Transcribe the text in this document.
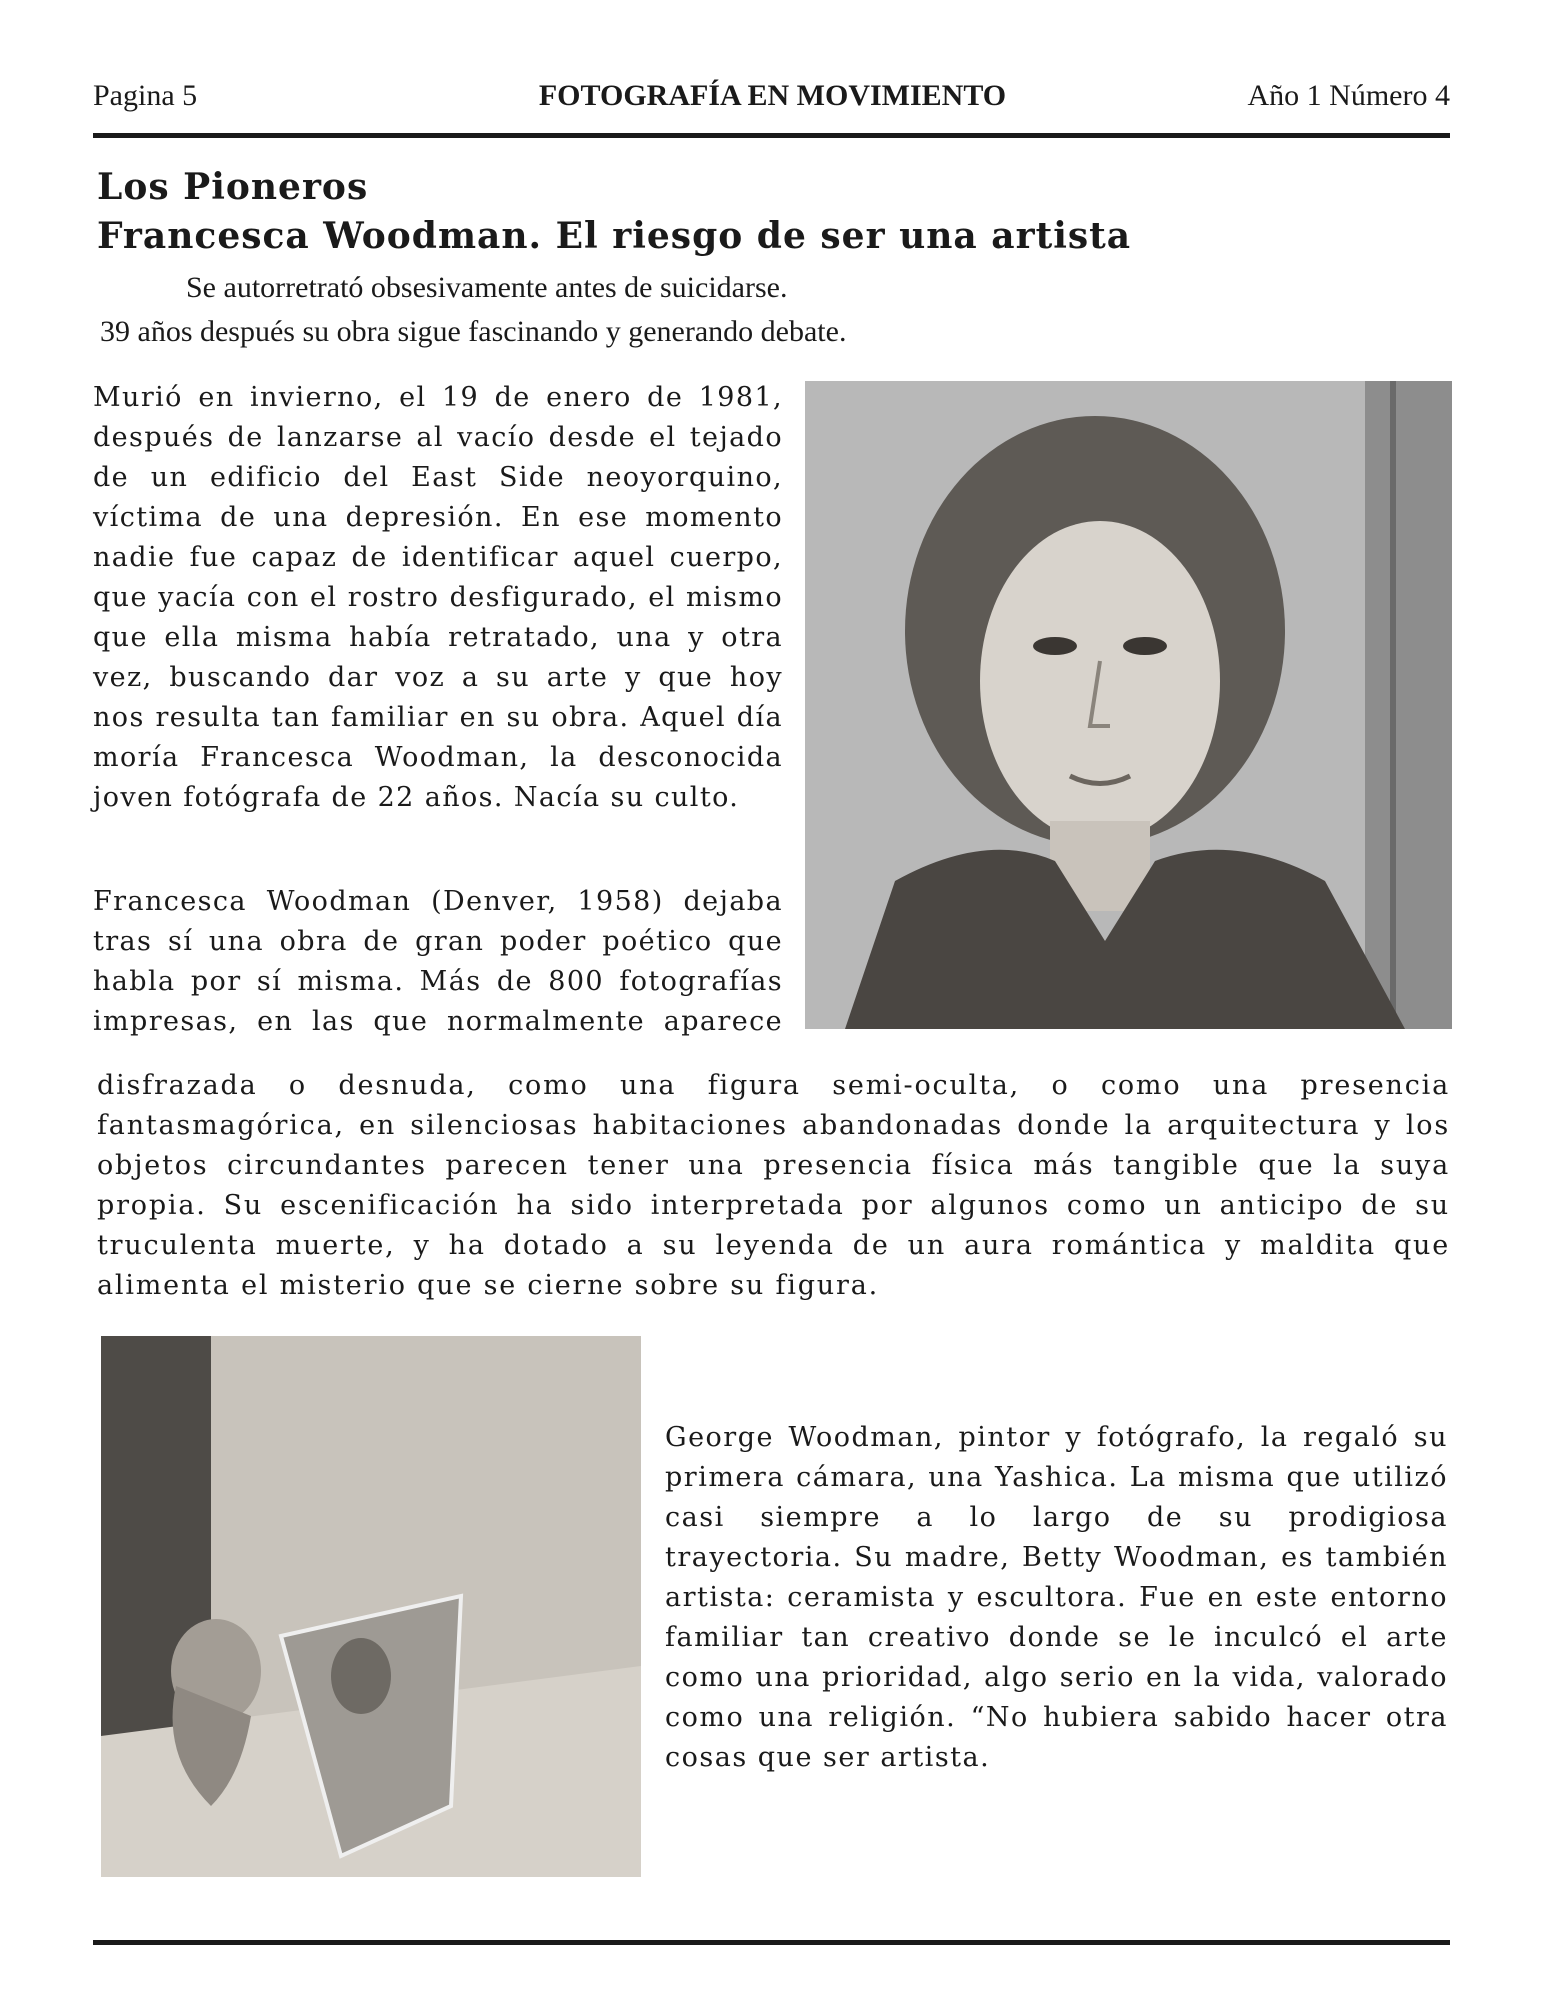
Pagina 5	FOTOGRAFÍA EN MOVIMIENTO	Año 1 Número 4
Los Pioneros
Francesca Woodman. El riesgo de ser una artista
Se autorretrató obsesivamente antes de suicidarse.
39 años después su obra sigue fascinando y generando debate.

Murió en invierno, el 19 de enero de 1981, después de lanzarse al vacío desde el tejado de un edificio del East Side neoyorquino, víctima de una depresión. En ese momento nadie fue capaz de identificar aquel cuerpo, que yacía con el rostro desfigurado, el mismo que ella misma había retratado, una y otra vez, buscando dar voz a su arte y que hoy nos resulta tan familiar en su obra. Aquel día moría Francesca Woodman, la desconocida joven fotógrafa de 22 años. Nacía su culto.

Francesca Woodman (Denver, 1958) dejaba tras sí una obra de gran poder poético que habla por sí misma. Más de 800 fotografías impresas, en las que normalmente aparece

disfrazada o desnuda, como una figura semi-oculta, o como una presencia fantasmagórica, en silenciosas habitaciones abandonadas donde la arquitectura y los objetos circundantes parecen tener una presencia física más tangible que la suya propia. Su escenificación ha sido interpretada por algunos como un anticipo de su truculenta muerte, y ha dotado a su leyenda de un aura romántica y maldita que alimenta el misterio que se cierne sobre su figura.

George Woodman, pintor y fotógrafo, la regaló su primera cámara, una Yashica. La misma que utilizó casi siempre a lo largo de su prodigiosa trayectoria. Su madre, Betty Woodman, es también artista: ceramista y escultora. Fue en este entorno familiar tan creativo donde se le inculcó el arte como una prioridad, algo serio en la vida, valorado como una religión. “No hubiera sabido hacer otra cosas que ser artista.
